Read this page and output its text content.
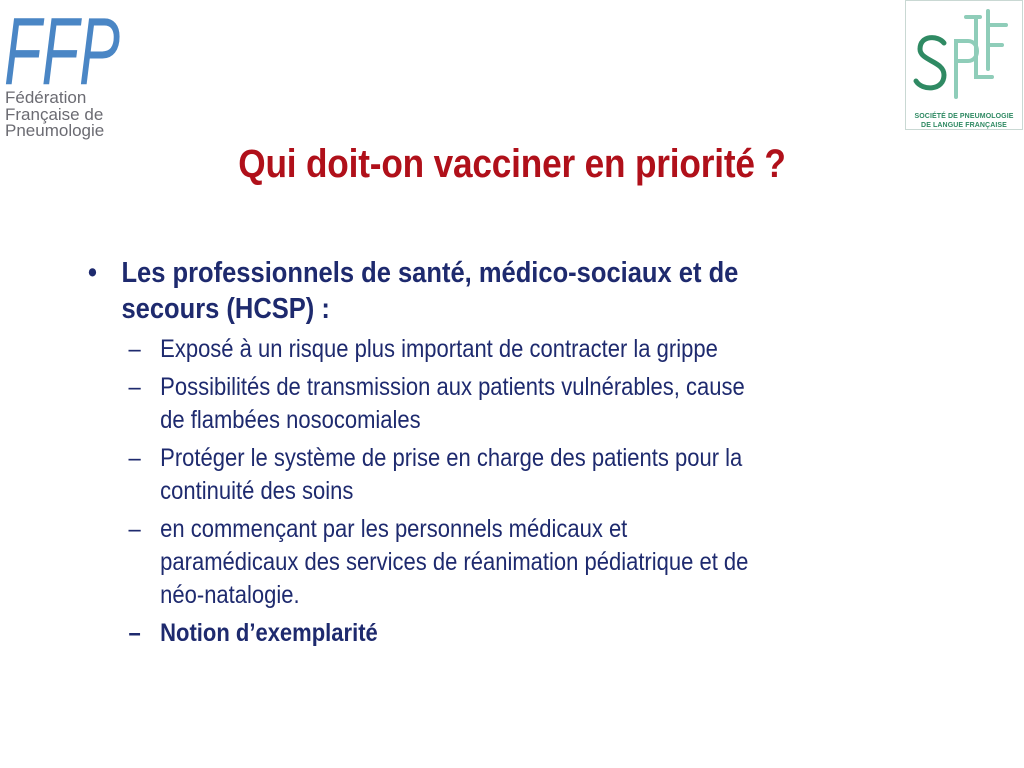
FFP
Fédération
Française de
Pneumologie
SPLF
SOCIÉTÉ DE PNEUMOLOGIE
DE LANGUE FRANÇAISE
Qui doit-on vacciner en priorité ?
• Les professionnels de santé, médico-sociaux et de
secours (HCSP) :
– Exposé à un risque plus important de contracter la grippe
– Possibilités de transmission aux patients vulnérables, cause
de flambées nosocomiales
– Protéger le système de prise en charge des patients pour la
continuité des soins
– en commençant par les personnels médicaux et
paramédicaux des services de réanimation pédiatrique et de
néo-natalogie.
– Notion d’exemplarité
